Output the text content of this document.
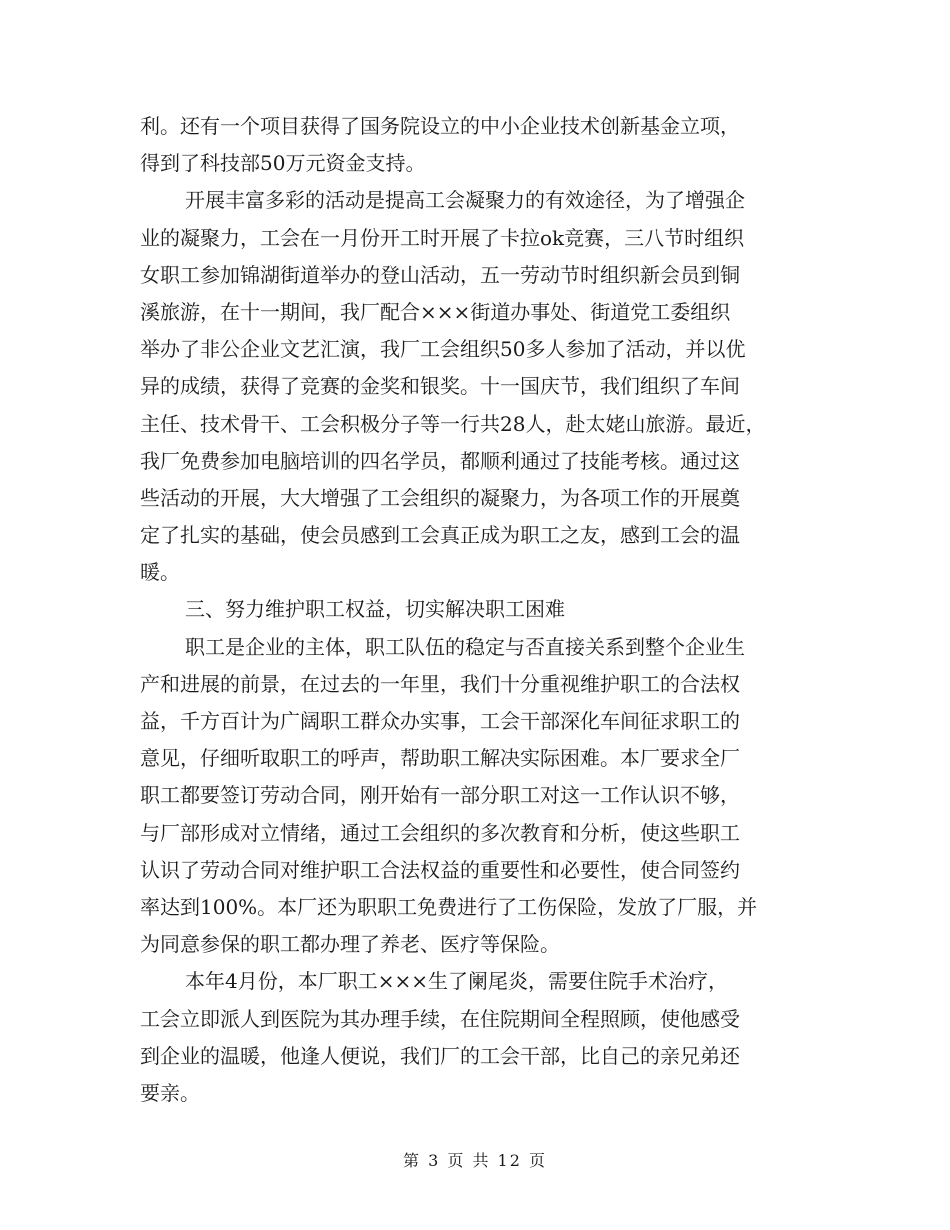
利。还有一个项目获得了国务院设立的中小企业技术创新基金立项，
得到了科技部50万元资金支持。
开展丰富多彩的活动是提高工会凝聚力的有效途径，为了增强企
业的凝聚力，工会在一月份开工时开展了卡拉ok竞赛，三八节时组织
女职工参加锦湖街道举办的登山活动，五一劳动节时组织新会员到铜
溪旅游，在十一期间，我厂配合×××街道办事处、街道党工委组织
举办了非公企业文艺汇演，我厂工会组织50多人参加了活动，并以优
异的成绩，获得了竞赛的金奖和银奖。十一国庆节，我们组织了车间
主任、技术骨干、工会积极分子等一行共28人，赴太姥山旅游。最近，
我厂免费参加电脑培训的四名学员，都顺利通过了技能考核。通过这
些活动的开展，大大增强了工会组织的凝聚力，为各项工作的开展奠
定了扎实的基础，使会员感到工会真正成为职工之友，感到工会的温
暖。
三、努力维护职工权益，切实解决职工困难
职工是企业的主体，职工队伍的稳定与否直接关系到整个企业生
产和进展的前景，在过去的一年里，我们十分重视维护职工的合法权
益，千方百计为广阔职工群众办实事，工会干部深化车间征求职工的
意见，仔细听取职工的呼声，帮助职工解决实际困难。本厂要求全厂
职工都要签订劳动合同，刚开始有一部分职工对这一工作认识不够，
与厂部形成对立情绪，通过工会组织的多次教育和分析，使这些职工
认识了劳动合同对维护职工合法权益的重要性和必要性，使合同签约
率达到100%。本厂还为职职工免费进行了工伤保险，发放了厂服，并
为同意参保的职工都办理了养老、医疗等保险。
本年4月份，本厂职工×××生了阑尾炎，需要住院手术治疗，
工会立即派人到医院为其办理手续，在住院期间全程照顾，使他感受
到企业的温暖，他逢人便说，我们厂的工会干部，比自己的亲兄弟还
要亲。
第 3 页 共 12 页
